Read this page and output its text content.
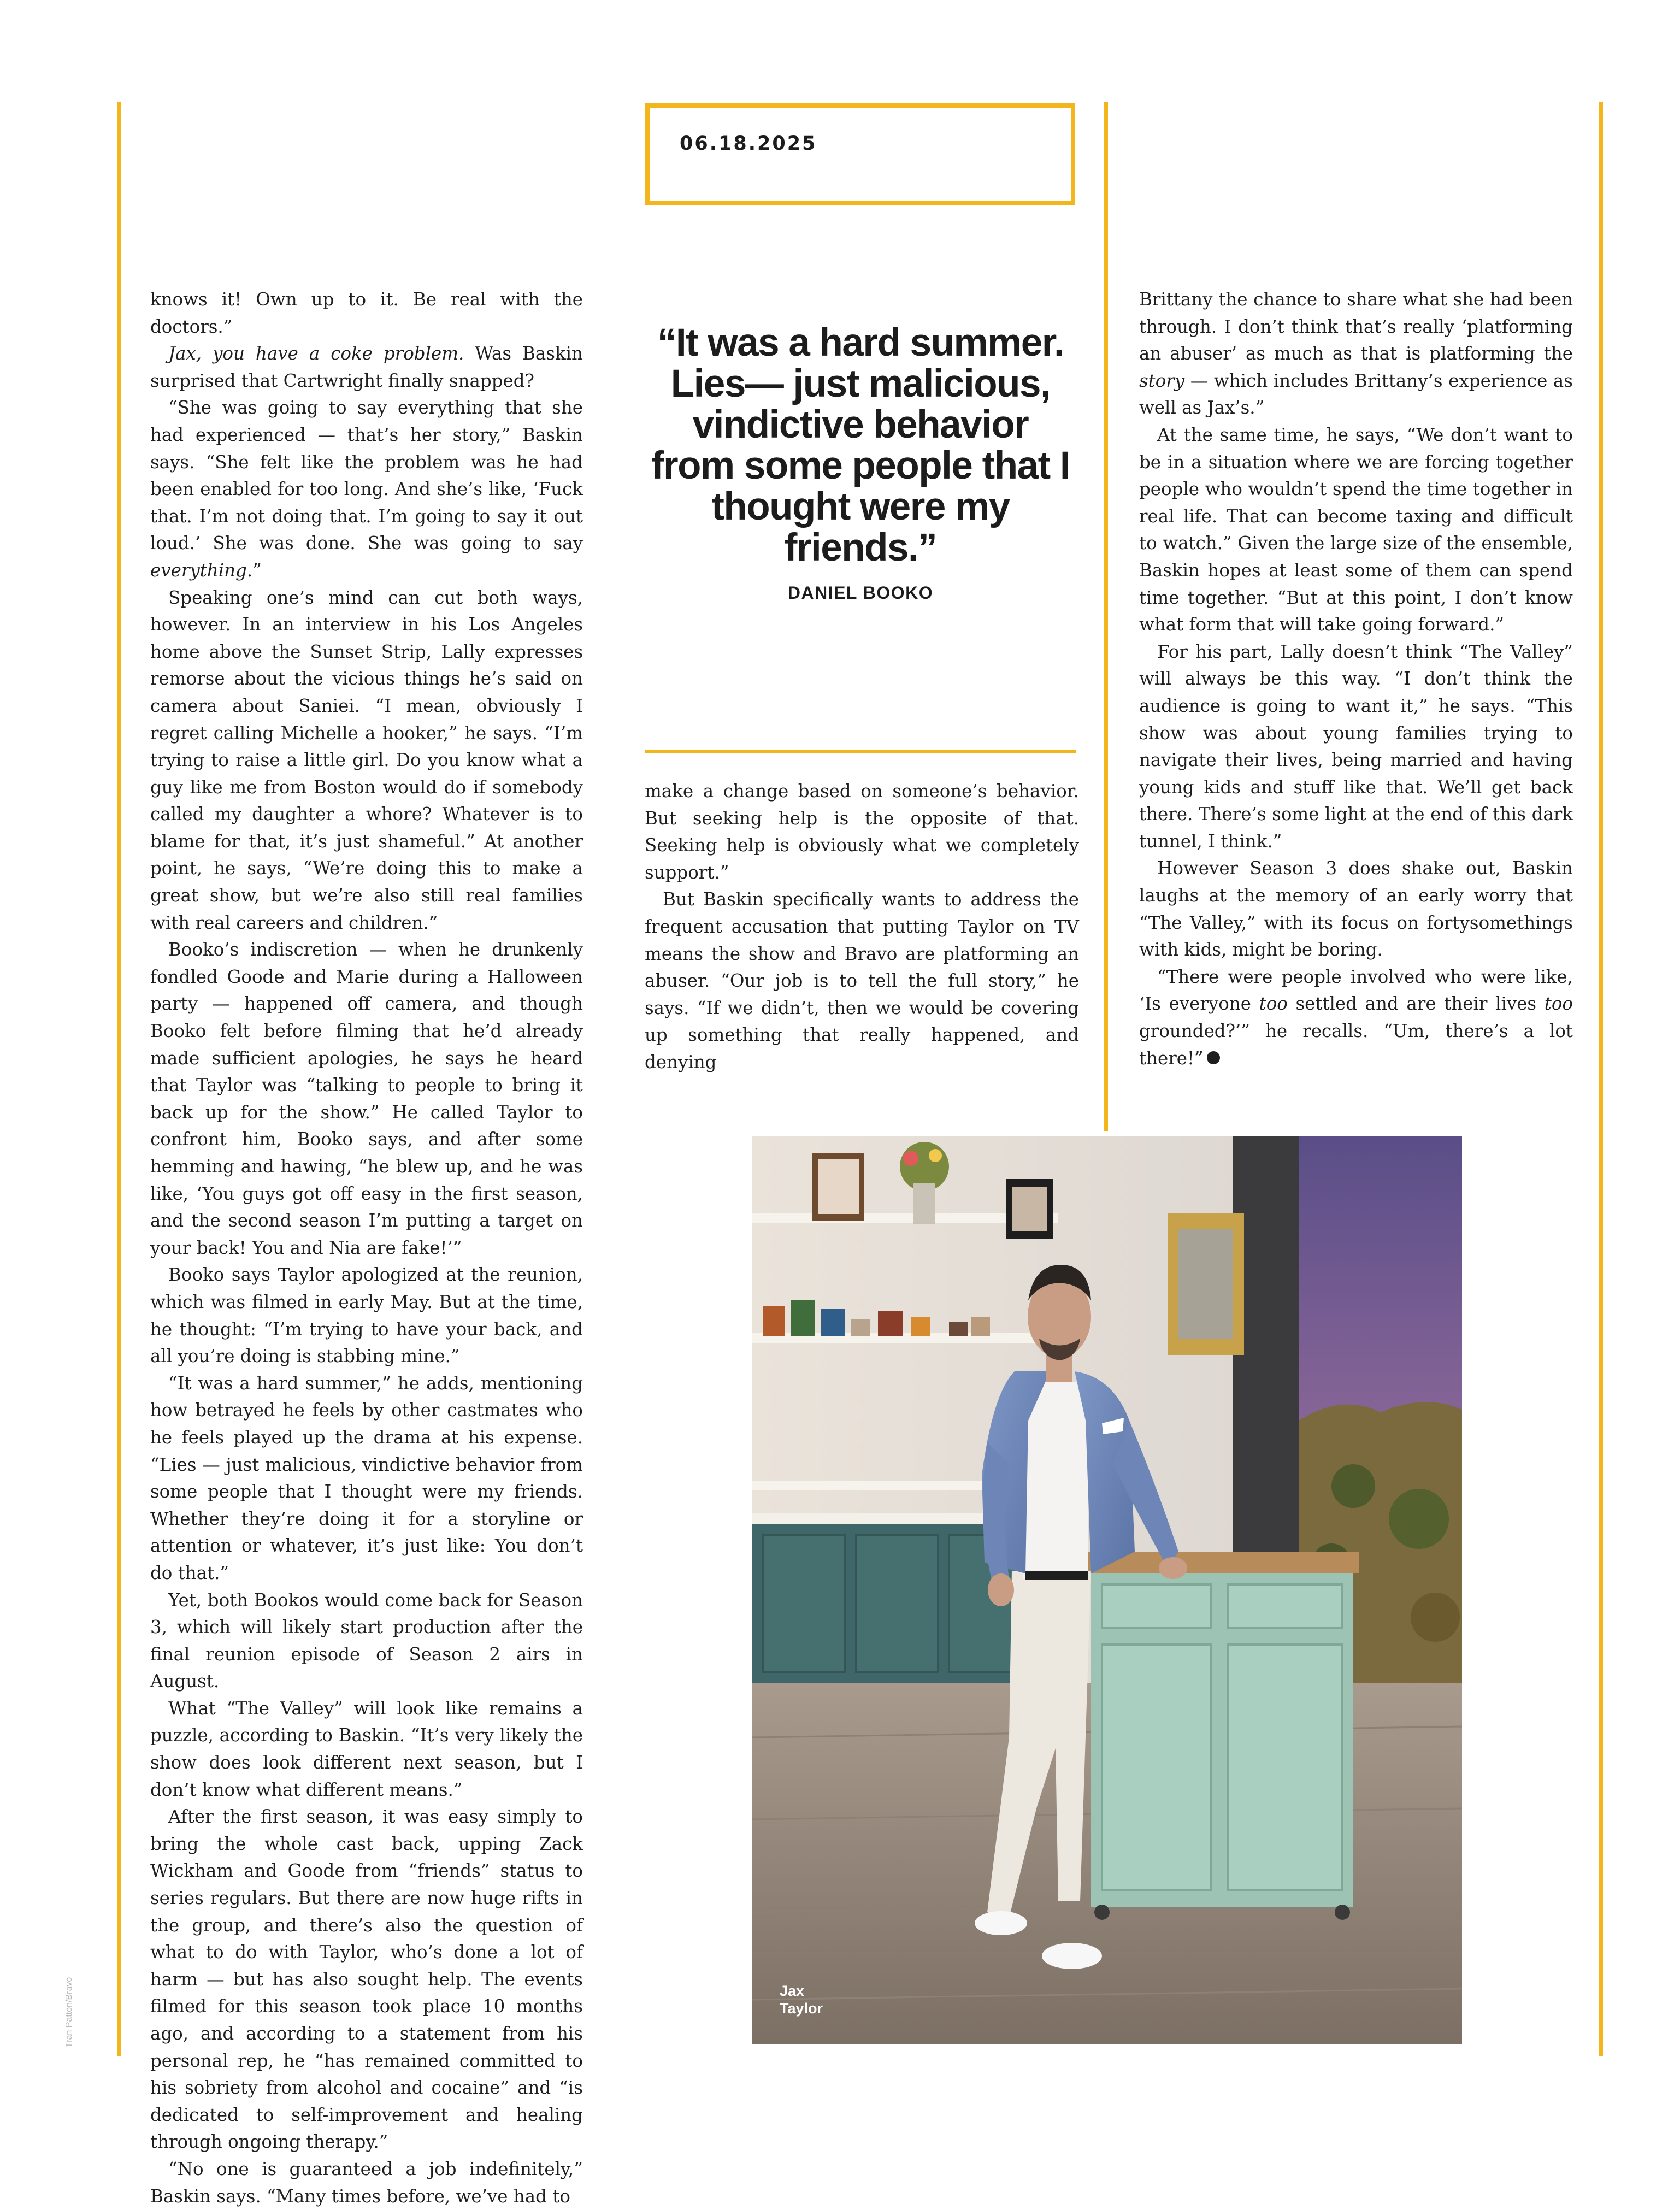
06.18.2025

“It was a hard summer. Lies— just malicious, vindictive behavior from some people that I thought were my friends.”

DANIEL BOOKO

knows it! Own up to it. Be real with the doctors.”

Jax, you have a coke problem. Was Baskin surprised that Cartwright finally snapped?

“She was going to say everything that she had experienced — that’s her story,” Baskin says. “She felt like the problem was he had been enabled for too long. And she’s like, ‘Fuck that. I’m not doing that. I’m going to say it out loud.’ She was done. She was going to say everything.”

Speaking one’s mind can cut both ways, however. In an interview in his Los Angeles home above the Sunset Strip, Lally expresses remorse about the vicious things he’s said on camera about Saniei. “I mean, obviously I regret calling Michelle a hooker,” he says. “I’m trying to raise a little girl. Do you know what a guy like me from Boston would do if somebody called my daughter a whore? Whatever is to blame for that, it’s just shameful.” At another point, he says, “We’re doing this to make a great show, but we’re also still real families with real careers and children.”

Booko’s indiscretion — when he drunkenly fondled Goode and Marie during a Halloween party — happened off camera, and though Booko felt before filming that he’d already made sufficient apologies, he says he heard that Taylor was “talking to people to bring it back up for the show.” He called Taylor to confront him, Booko says, and after some hemming and hawing, “he blew up, and he was like, ‘You guys got off easy in the first season, and the second season I’m putting a target on your back! You and Nia are fake!’”

Booko says Taylor apologized at the reunion, which was filmed in early May. But at the time, he thought: “I’m trying to have your back, and all you’re doing is stabbing mine.”

“It was a hard summer,” he adds, mentioning how betrayed he feels by other castmates who he feels played up the drama at his expense. “Lies — just malicious, vindictive behavior from some people that I thought were my friends. Whether they’re doing it for a storyline or attention or whatever, it’s just like: You don’t do that.”

Yet, both Bookos would come back for Season 3, which will likely start production after the final reunion episode of Season 2 airs in August.

What “The Valley” will look like remains a puzzle, according to Baskin. “It’s very likely the show does look different next season, but I don’t know what different means.”

After the first season, it was easy simply to bring the whole cast back, upping Zack Wickham and Goode from “friends” status to series regulars. But there are now huge rifts in the group, and there’s also the question of what to do with Taylor, who’s done a lot of harm — but has also sought help. The events filmed for this season took place 10 months ago, and according to a statement from his personal rep, he “has remained committed to his sobriety from alcohol and cocaine” and “is dedicated to self-improvement and healing through ongoing therapy.”

“No one is guaranteed a job indefinitely,” Baskin says. “Many times before, we’ve had to

make a change based on someone’s behavior. But seeking help is the opposite of that. Seeking help is obviously what we completely support.”

But Baskin specifically wants to address the frequent accusation that putting Taylor on TV means the show and Bravo are platforming an abuser. “Our job is to tell the full story,” he says. “If we didn’t, then we would be covering up something that really happened, and denying

Brittany the chance to share what she had been through. I don’t think that’s really ‘platforming an abuser’ as much as that is platforming the story — which includes Brittany’s experience as well as Jax’s.”

At the same time, he says, “We don’t want to be in a situation where we are forcing together people who wouldn’t spend the time together in real life. That can become taxing and difficult to watch.” Given the large size of the ensemble, Baskin hopes at least some of them can spend time together. “But at this point, I don’t know what form that will take going forward.”

For his part, Lally doesn’t think “The Valley” will always be this way. “I don’t think the audience is going to want it,” he says. “This show was about young families trying to navigate their lives, being married and having young kids and stuff like that. We’ll get back there. There’s some light at the end of this dark tunnel, I think.”

However Season 3 does shake out, Baskin laughs at the memory of an early worry that “The Valley,” with its focus on fortysomethings with kids, might be boring.

“There were people involved who were like, ‘Is everyone too settled and are their lives too grounded?’” he recalls. “Um, there’s a lot there!”

Tran Patton/Bravo	Jax
Taylor
